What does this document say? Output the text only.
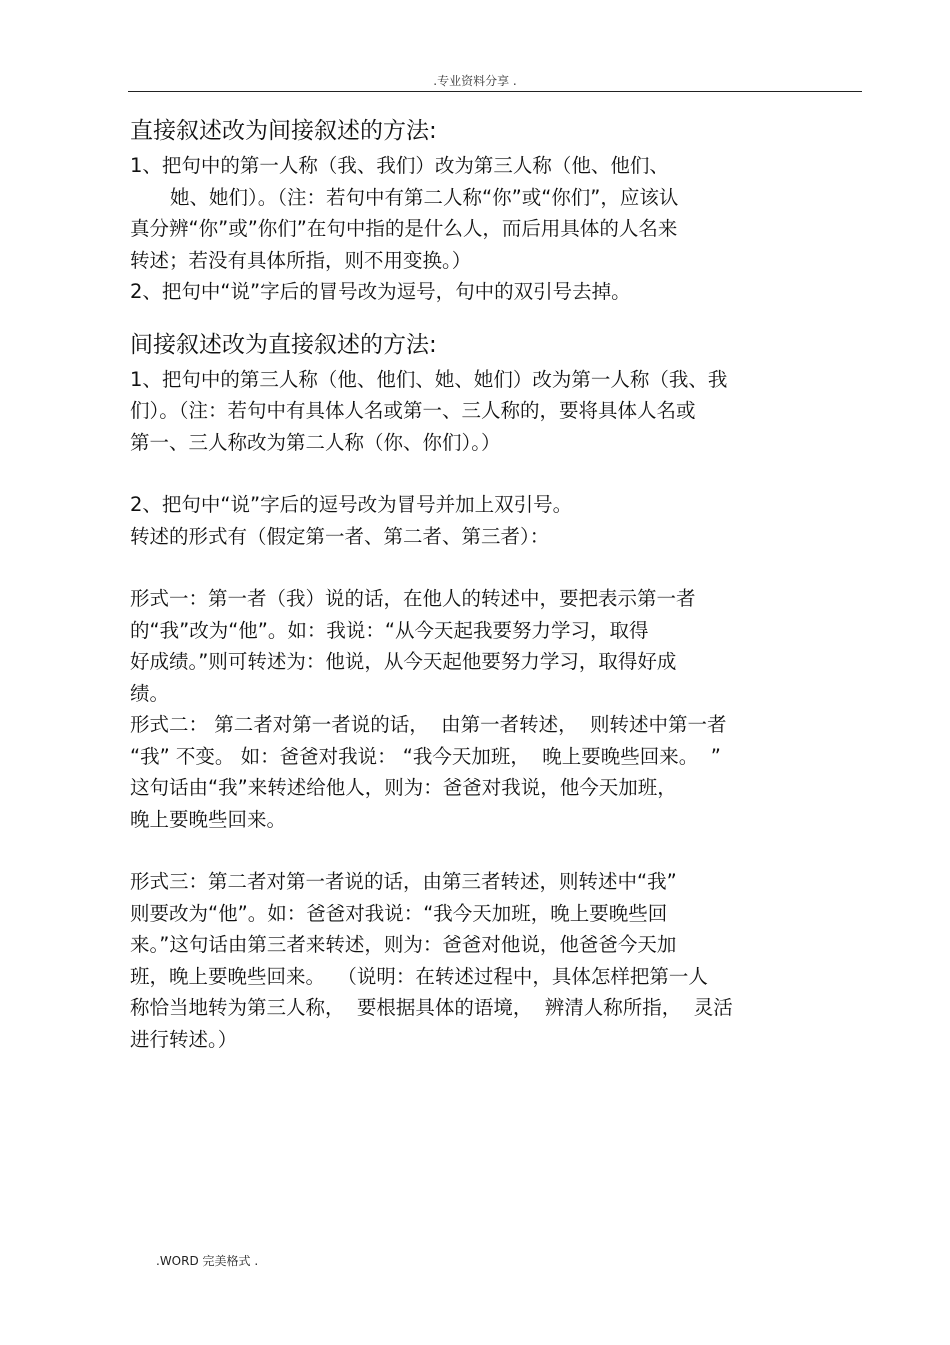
.专业资料分享 .
直接叙述改为间接叙述的方法:
1、把句中的第一人称（我、我们）改为第三人称（他、他们、
她、她们）。（注：若句中有第二人称“你”或“你们”，应该认
真分辨“你”或”你们”在句中指的是什么人，而后用具体的人名来
转述；若没有具体所指，则不用变换。）
2、把句中“说”字后的冒号改为逗号，句中的双引号去掉。
间接叙述改为直接叙述的方法:
1、把句中的第三人称（他、他们、她、她们）改为第一人称（我、我
们）。（注：若句中有具体人名或第一、三人称的，要将具体人名或
第一、三人称改为第二人称（你、你们）。）
2、把句中“说”字后的逗号改为冒号并加上双引号。
转述的形式有（假定第一者、第二者、第三者）：
形式一：第一者（我）说的话，在他人的转述中，要把表示第一者
的“我”改为“他”。如：我说：“从今天起我要努力学习，取得
好成绩。”则可转述为：他说，从今天起他要努力学习，取得好成
绩。
形式二： 第二者对第一者说的话，  由第一者转述，  则转述中第一者
“我” 不变。 如：爸爸对我说： “我今天加班，  晚上要晚些回来。  ”
这句话由“我”来转述给他人，则为：爸爸对我说，他今天加班，
晚上要晚些回来。
形式三：第二者对第一者说的话，由第三者转述，则转述中“我”
则要改为“他”。如：爸爸对我说：“我今天加班，晚上要晚些回
来。”这句话由第三者来转述，则为：爸爸对他说，他爸爸今天加
班，晚上要晚些回来。  （说明：在转述过程中，具体怎样把第一人
称恰当地转为第三人称，  要根据具体的语境，  辨清人称所指，  灵活
进行转述。）
.WORD 完美格式 .
